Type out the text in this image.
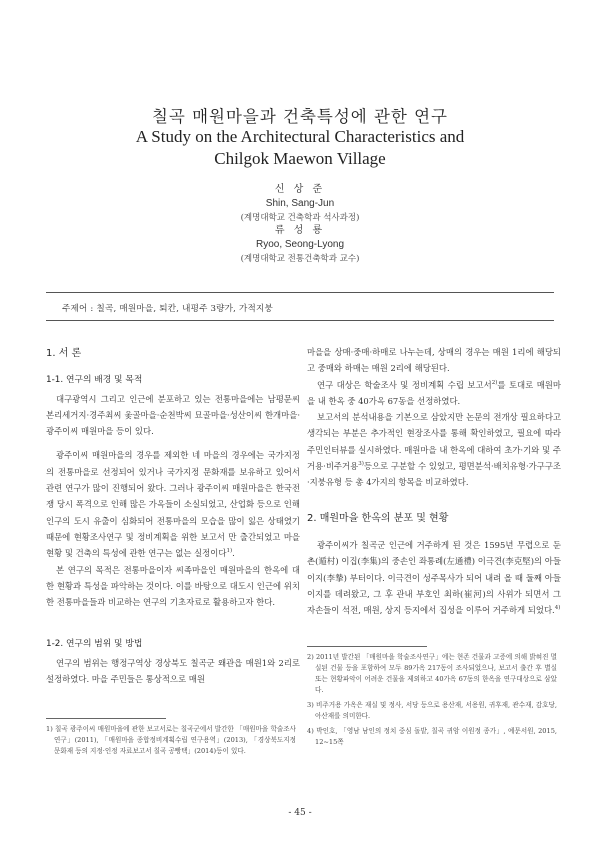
칠곡 매원마을과 건축특성에 관한 연구
A Study on the Architectural Characteristics and
Chilgok Maewon Village
신 상 준
Shin, Sang-Jun
(계명대학교 건축학과 석사과정)
류 성 룡
Ryoo, Seong-Lyong
(계명대학교 전통건축학과 교수)
주제어 : 칠곡, 매원마을, 퇴칸, 내평주 3량가, 가적지붕

1. 서 론

1-1. 연구의 배경 및 목적

대구광역시 그리고 인근에 분포하고 있는 전통마을에는 남평문씨 본리세거지·경주최씨 옻골마을·순천박씨 묘골마을·성산이씨 한개마을·광주이씨 매원마을 등이 있다.

광주이씨 매원마을의 경우를 제외한 네 마을의 경우에는 국가지정의 전통마을로 선정되어 있거나 국가지정 문화재를 보유하고 있어서 관련 연구가 많이 진행되어 왔다. 그러나 광주이씨 매원마을은 한국전쟁 당시 폭격으로 인해 많은 가옥들이 소실되었고, 산업화 등으로 인해 인구의 도시 유출이 심화되어 전통마을의 모습을 많이 잃은 상태였기 때문에 현황조사연구 및 정비계획을 위한 보고서 만 출간되었고 마을 현황 및 건축의 특성에 관한 연구는 없는 실정이다$^{1)}$.

본 연구의 목적은 전통마을이자 씨족마을인 매원마을의 한옥에 대한 현황과 특성을 파악하는 것이다. 이를 바탕으로 대도시 인근에 위치한 전통마을들과 비교하는 연구의 기초자료로 활용하고자 한다.

1-2. 연구의 범위 및 방법

연구의 범위는 행정구역상 경상북도 칠곡군 왜관읍 매원1와 2리로 설정하였다. 마을 주민들은 통상적으로 매원

마을을 상매·중매·하매로 나누는데, 상매의 경우는 매원 1리에 해당되고 중매와 하매는 매원 2리에 해당된다.

연구 대상은 학술조사 및 정비계획 수립 보고서$^{2)}$를 토대로 매원마을 내 한옥 중 40가옥 67동을 선정하였다.

보고서의 분석내용을 기본으로 삼았지만 논문의 전개상 필요하다고 생각되는 부분은 추가적인 현장조사를 통해 확인하였고, 필요에 따라 주민인터뷰를 실시하였다. 매원마을 내 한옥에 대하여 초가·기와 및 주거용·비주거용$^{3)}$등으로 구분할 수 있었고, 평면분석·배치유형·가구구조·지붕유형 등 총 4가지의 항목을 비교하였다.

2. 매원마을 한옥의 분포 및 현황

광주이씨가 칠곡군 인근에 거주하게 된 것은 1595년 무렵으로 둔촌(遁村) 이집(李集)의 중손인 좌통례(左通禮) 이극견(李克堅)의 아들 이지(李摯) 부터이다. 이극견이 성주목사가 되어 내려 올 때 둘째 아들 이지를 데려왔고, 그 후 관내 부호인 최하(崔河)의 사위가 되면서 그 자손들이 석전, 매원, 상지 등지에서 집성을 이루어 거주하게 되었다.$^{4)}$

1) 칠곡 광주이씨 매원마을에 관한 보고서로는 칠곡군에서 발간한 「매원마을 학술조사연구」(2011), 「매원마을 종합정비계획수립 연구용역」(2013), 「경상북도지정문화재 등의 지정·인정 자료보고서 칠곡 공빵택」(2014)등이 있다.

2) 2011년 발간된 「매원마을 학술조사연구」에는 현존 건물과 고증에 의해 밝혀진 멸실된 건물 등을 포함하여 모두 89가옥 217동이 조사되었으나, 보고서 출간 후 별실 또는 현황파악이 어려운 건물을 제외하고 40가옥 67동의 한옥을 연구대상으로 삼았다.

3) 비주거용 가옥은 재실 및 정사, 서당 등으로 용산재, 서용원, 귀후재, 관수재, 감호당, 아산재를 의미한다.

4) 박인호, 「영남 남인의 정치 중심 돌밭, 칠곡 귀암 이원정 종가」, 예문서원, 2015, 12~15쪽

- 45 -
